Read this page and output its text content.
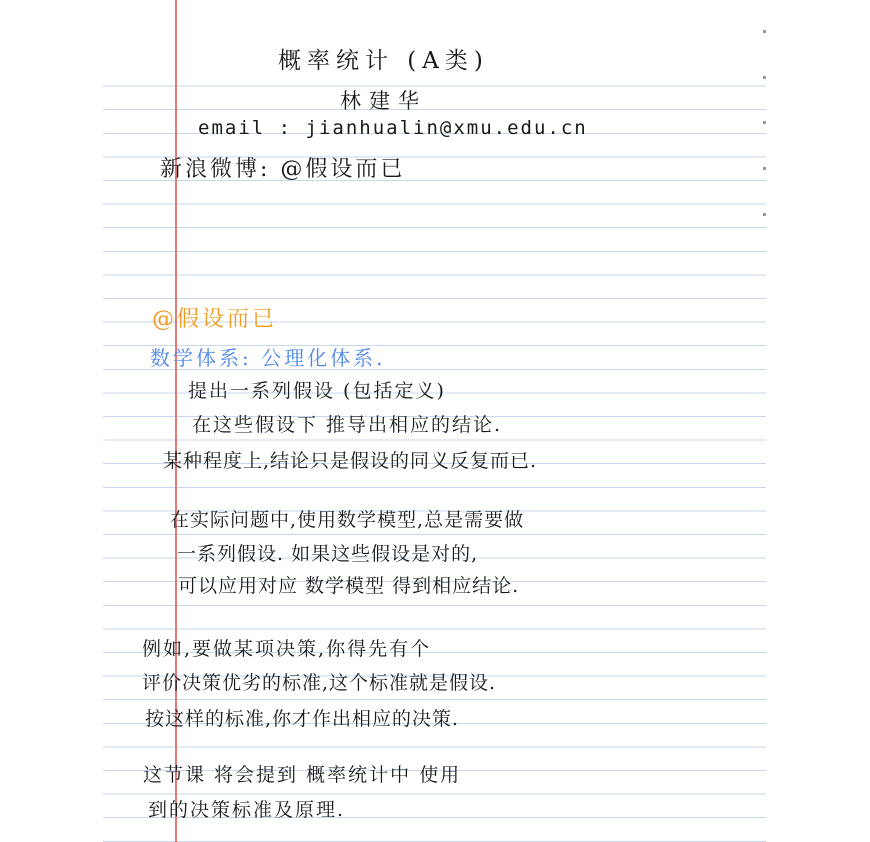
概率统计 (A类)
林建华
email : jianhualin@xmu.edu.cn
新浪微博: @假设而已
@假设而已
数学体系: 公理化体系.
提出一系列假设 (包括定义)
在这些假设下 推导出相应的结论.
某种程度上,结论只是假设的同义反复而已.
在实际问题中,使用数学模型,总是需要做
一系列假设. 如果这些假设是对的,
可以应用对应 数学模型 得到相应结论.
例如,要做某项决策,你得先有个
评价决策优劣的标准,这个标准就是假设.
按这样的标准,你才作出相应的决策.
这节课 将会提到 概率统计中 使用
到的决策标准及原理.
